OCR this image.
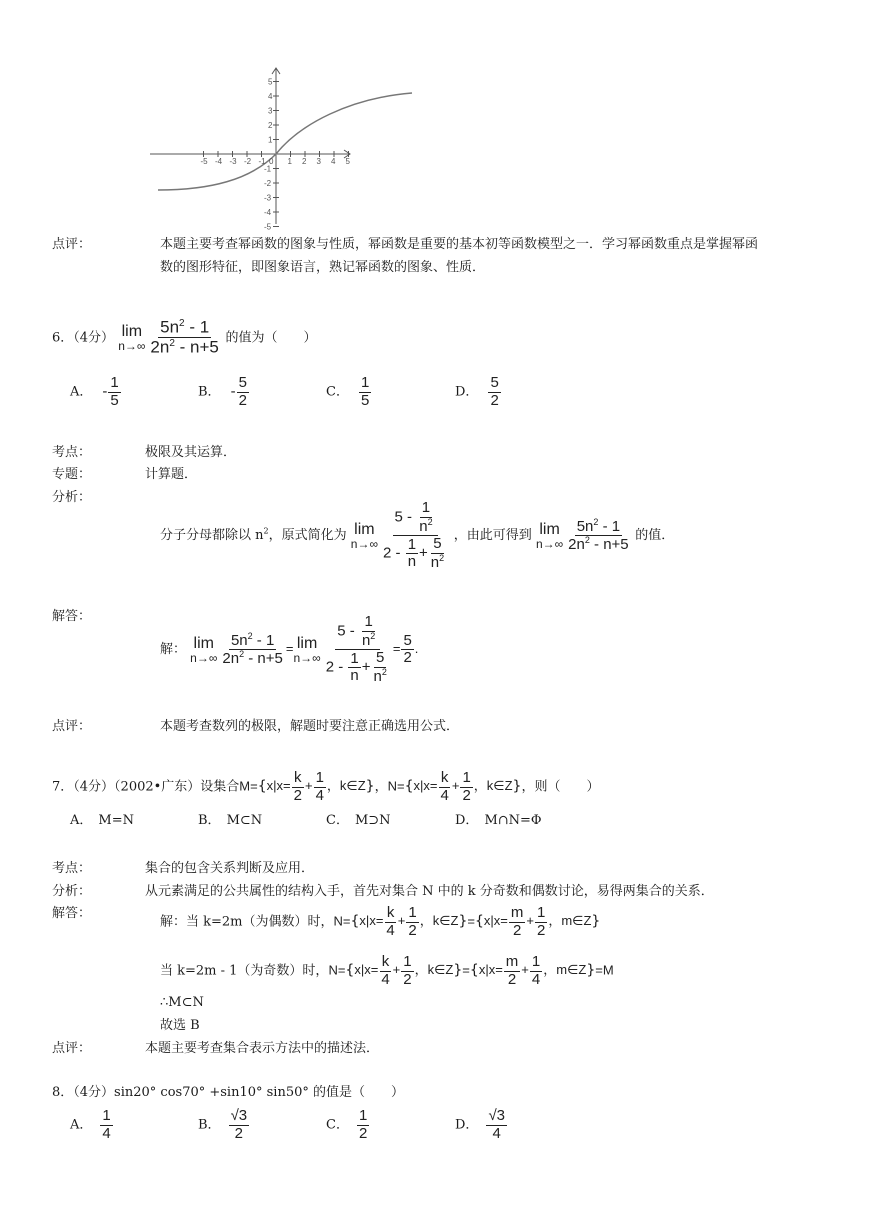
-5 -4 -3 -2 -1 0 1 2 3 4 5
5
4
3
2
1
-1
-2
-3
-4
-5
点评：	本题主要考查幂函数的图象与性质，幂函数是重要的基本初等函数模型之一．学习幂函数重点是掌握幂函
数的图形特征，即图象语言，熟记幂函数的图象、性质．
6．（4分） lim
$n\to\infty \frac{5n^2 - 1}{2n^2 - n+5}$ 的值为（　　）
A． - $\frac{1}{5}$	B． - $\frac{5}{2}$	C． $\frac{1}{5}$	D． $\frac{5}{2}$
考点：	极限及其运算．
专题：	计算题．
分析：
分子分母都除以 $n^2$，原式简化为 lim
$n\to\infty \frac{5 - \frac{1}{n^2}}{2 - \frac{1}{n} + \frac{5}{n^2}}$ ，由此可得到 lim
$n\to\infty \frac{5n^2 - 1}{2n^2 - n+5}$ 的值．
解答：
解： lim
$n\to\infty \frac{5n^2 - 1}{2n^2 - n+5} = \lim$
$n\to\infty \frac{5 - \frac{1}{n^2}}{2 - \frac{1}{n} + \frac{5}{n^2}} = \frac{5}{2}$ .
点评：	本题考查数列的极限，解题时要注意正确选用公式．
7．（4分）（2002•广东）设集合$M=\{x|x= \frac{k}{2} + \frac{1}{4}$ ，k∈Z}，$N=\{x|x= \frac{k}{4} + \frac{1}{2}$ ，k∈Z}，则（　　）
A． M=N	B． M⊂N	C． M⊃N	D． M∩N=Φ
考点：	集合的包含关系判断及应用．
分析：	从元素满足的公共属性的结构入手，首先对集合 N 中的 k 分奇数和偶数讨论，易得两集合的关系．
解答：
解：当 k=2m（为偶数）时，$N=\{x|x= \frac{k}{4} + \frac{1}{2}$ ，k∈Z}={x|x= $\frac{m}{2} + \frac{1}{2}$ ，m∈Z}
当 k=2m - 1（为奇数）时，$N=\{x|x= \frac{k}{4} + \frac{1}{2}$ ，k∈Z}={x|x= $\frac{m}{2} + \frac{1}{4}$ ，m∈Z}=M
∴M⊂N
故选 B
点评：	本题主要考查集合表示方法中的描述法．
8．（4分）sin20° cos70° +sin10° sin50° 的值是（　　）
A． $\frac{1}{4}$	B． $\frac{√3}{2}$	C． $\frac{1}{2}$	D． $\frac{√3}{4}$
